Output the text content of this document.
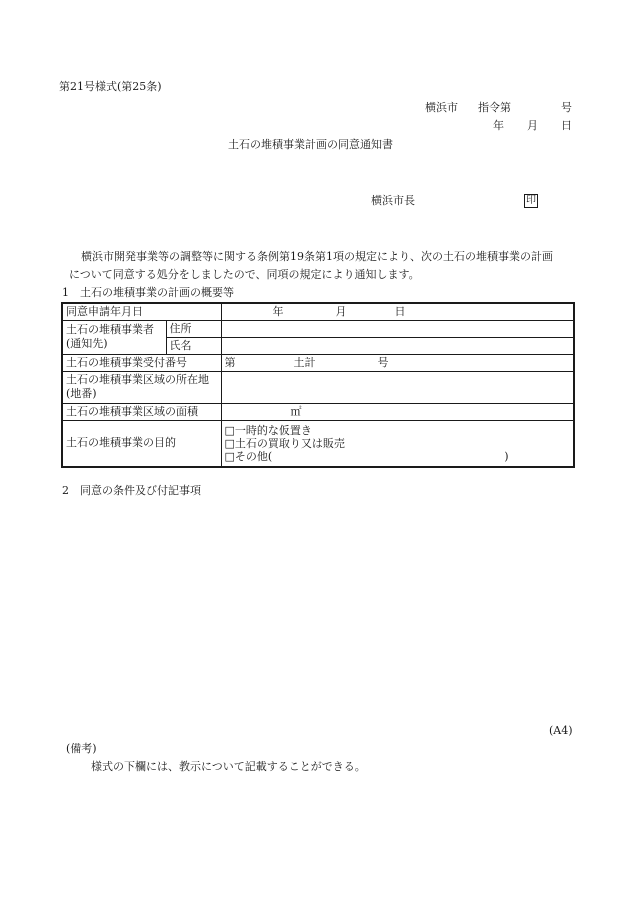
第21号様式(第25条)
横浜市 指令第	号
年 月 日
土石の堆積事業計画の同意通知書
横浜市長	印
横浜市開発事業等の調整等に関する条例第19条第1項の規定により、次の土石の堆積事業の計画
について同意する処分をしましたので、同項の規定により通知します。
1　土石の堆積事業の計画の概要等
同意申請年月日		年 月 日

土石の堆積事業者
(通知先)	住所	
	氏名	
土石の堆積事業受付番号		第 土計 号

土石の堆積事業区域の所在地
(地番)		

土石の堆積事業区域の面積		㎡
土石の堆積事業の目的		□一時的な仮置き
□土石の買取り又は販売
□その他( )
2　同意の条件及び付記事項
(A4)
(備考)
様式の下欄には、教示について記載することができる。
